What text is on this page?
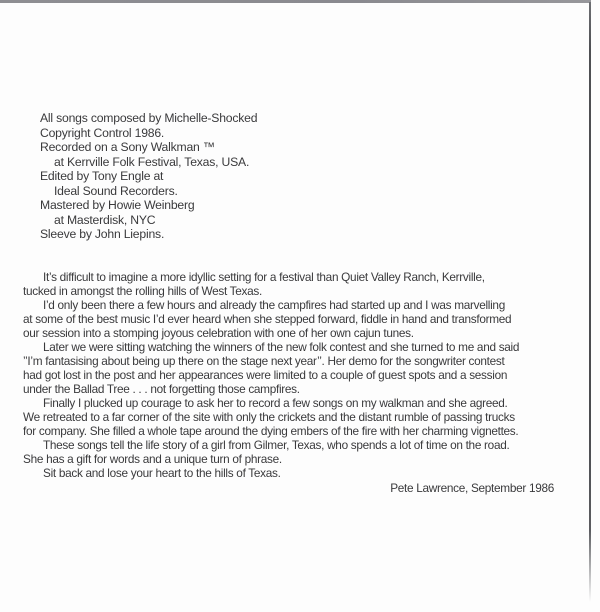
All songs composed by Michelle-Shocked
Copyright Control 1986.
Recorded on a Sony Walkman ™
at Kerrville Folk Festival, Texas, USA.
Edited by Tony Engle at
Ideal Sound Recorders.
Mastered by Howie Weinberg
at Masterdisk, NYC
Sleeve by John Liepins.
It’s difficult to imagine a more idyllic setting for a festival than Quiet Valley Ranch, Kerrville,
tucked in amongst the rolling hills of West Texas.
I’d only been there a few hours and already the campfires had started up and I was marvelling
at some of the best music I’d ever heard when she stepped forward, fiddle in hand and transformed
our session into a stomping joyous celebration with one of her own cajun tunes.
Later we were sitting watching the winners of the new folk contest and she turned to me and said
’’I’m fantasising about being up there on the stage next year’’. Her demo for the songwriter contest
had got lost in the post and her appearances were limited to a couple of guest spots and a session
under the Ballad Tree . . . not forgetting those campfires.
Finally I plucked up courage to ask her to record a few songs on my walkman and she agreed.
We retreated to a far corner of the site with only the crickets and the distant rumble of passing trucks
for company. She filled a whole tape around the dying embers of the fire with her charming vignettes.
These songs tell the life story of a girl from Gilmer, Texas, who spends a lot of time on the road.
She has a gift for words and a unique turn of phrase.
Sit back and lose your heart to the hills of Texas.
Pete Lawrence, September 1986
